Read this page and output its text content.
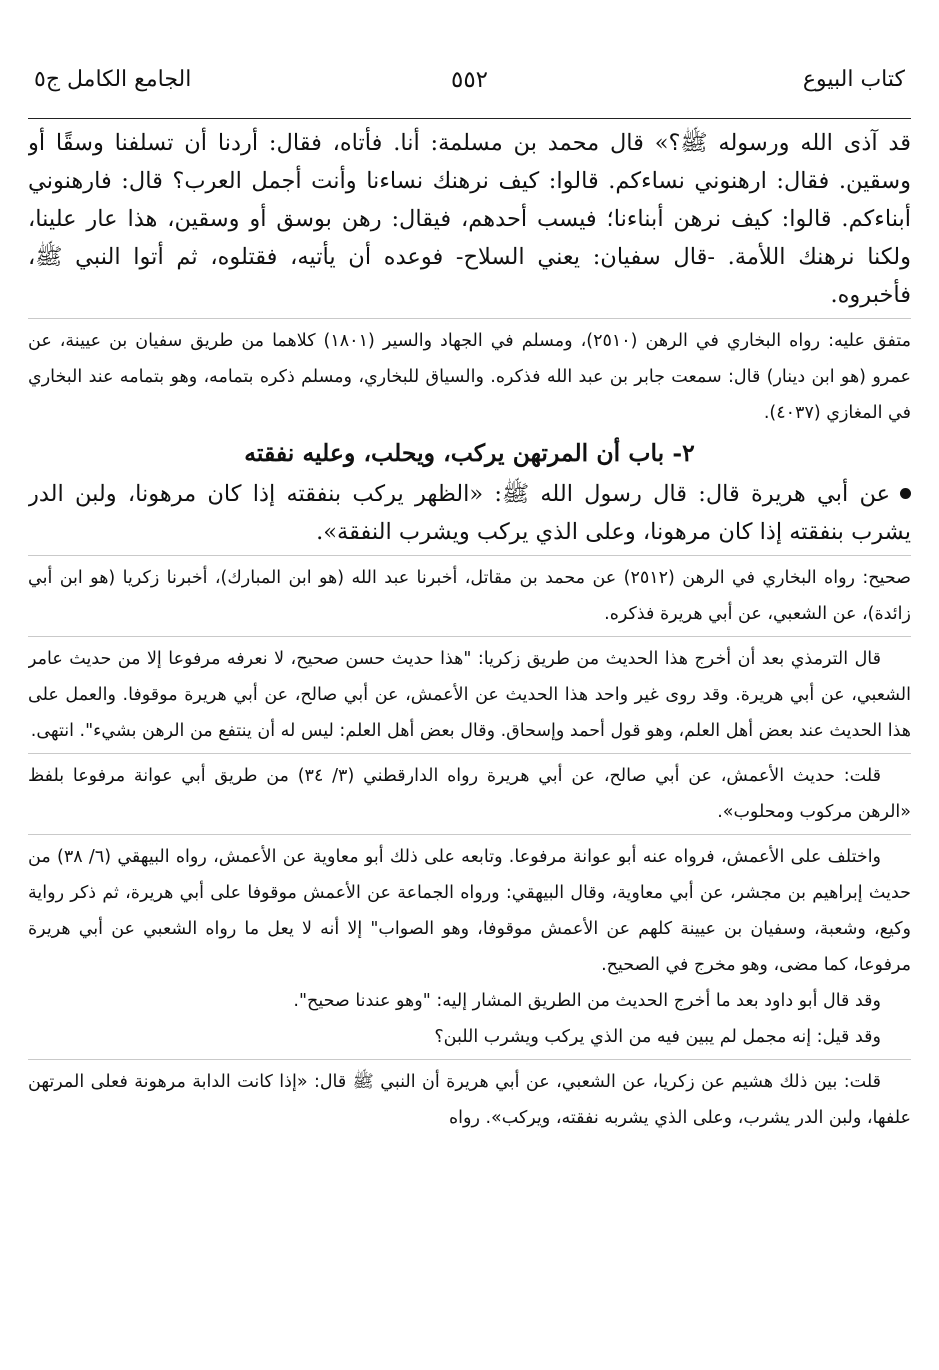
كتاب البيوع
٥٥٢
الجامع الكامل ج٥

قد آذى الله ورسوله ﷺ؟» قال محمد بن مسلمة: أنا. فأتاه، فقال: أردنا أن تسلفنا وسقًا أو وسقين. فقال: ارهنوني نساءكم. قالوا: كيف نرهنك نساءنا وأنت أجمل العرب؟ قال: فارهنوني أبناءكم. قالوا: كيف نرهن أبناءنا؛ فيسب أحدهم، فيقال: رهن بوسق أو وسقين، هذا عار علينا، ولكنا نرهنك اللأمة. -قال سفيان: يعني السلاح- فوعده أن يأتيه، فقتلوه، ثم أتوا النبي ﷺ، فأخبروه.

متفق عليه: رواه البخاري في الرهن (٢٥١٠)، ومسلم في الجهاد والسير (١٨٠١) كلاهما من طريق سفيان بن عيينة، عن عمرو (هو ابن دينار) قال: سمعت جابر بن عبد الله فذكره. والسياق للبخاري، ومسلم ذكره بتمامه، وهو بتمامه عند البخاري في المغازي (٤٠٣٧).

٢- باب أن المرتهن يركب، ويحلب، وعليه نفقته

عن أبي هريرة قال: قال رسول الله ﷺ: «الظهر يركب بنفقته إذا كان مرهونا، ولبن الدر يشرب بنفقته إذا كان مرهونا، وعلى الذي يركب ويشرب النفقة».

صحيح: رواه البخاري في الرهن (٢٥١٢) عن محمد بن مقاتل، أخبرنا عبد الله (هو ابن المبارك)، أخبرنا زكريا (هو ابن أبي زائدة)، عن الشعبي، عن أبي هريرة فذكره.

قال الترمذي بعد أن أخرج هذا الحديث من طريق زكريا: "هذا حديث حسن صحيح، لا نعرفه مرفوعا إلا من حديث عامر الشعبي، عن أبي هريرة. وقد روى غير واحد هذا الحديث عن الأعمش، عن أبي صالح، عن أبي هريرة موقوفا. والعمل على هذا الحديث عند بعض أهل العلم، وهو قول أحمد وإسحاق. وقال بعض أهل العلم: ليس له أن ينتفع من الرهن بشيء". انتهى.

قلت: حديث الأعمش، عن أبي صالح، عن أبي هريرة رواه الدارقطني (٣/ ٣٤) من طريق أبي عوانة مرفوعا بلفظ «الرهن مركوب ومحلوب».

واختلف على الأعمش، فرواه عنه أبو عوانة مرفوعا. وتابعه على ذلك أبو معاوية عن الأعمش، رواه البيهقي (٦/ ٣٨) من حديث إبراهيم بن مجشر، عن أبي معاوية، وقال البيهقي: ورواه الجماعة عن الأعمش موقوفا على أبي هريرة، ثم ذكر رواية وكيع، وشعبة، وسفيان بن عيينة كلهم عن الأعمش موقوفا، وهو الصواب" إلا أنه لا يعل ما رواه الشعبي عن أبي هريرة مرفوعا، كما مضى، وهو مخرج في الصحيح.

وقد قال أبو داود بعد ما أخرج الحديث من الطريق المشار إليه: "وهو عندنا صحيح".

وقد قيل: إنه مجمل لم يبين فيه من الذي يركب ويشرب اللبن؟

قلت: بين ذلك هشيم عن زكريا، عن الشعبي، عن أبي هريرة أن النبي ﷺ قال: «إذا كانت الدابة مرهونة فعلى المرتهن علفها، ولبن الدر يشرب، وعلى الذي يشربه نفقته، ويركب». رواه
